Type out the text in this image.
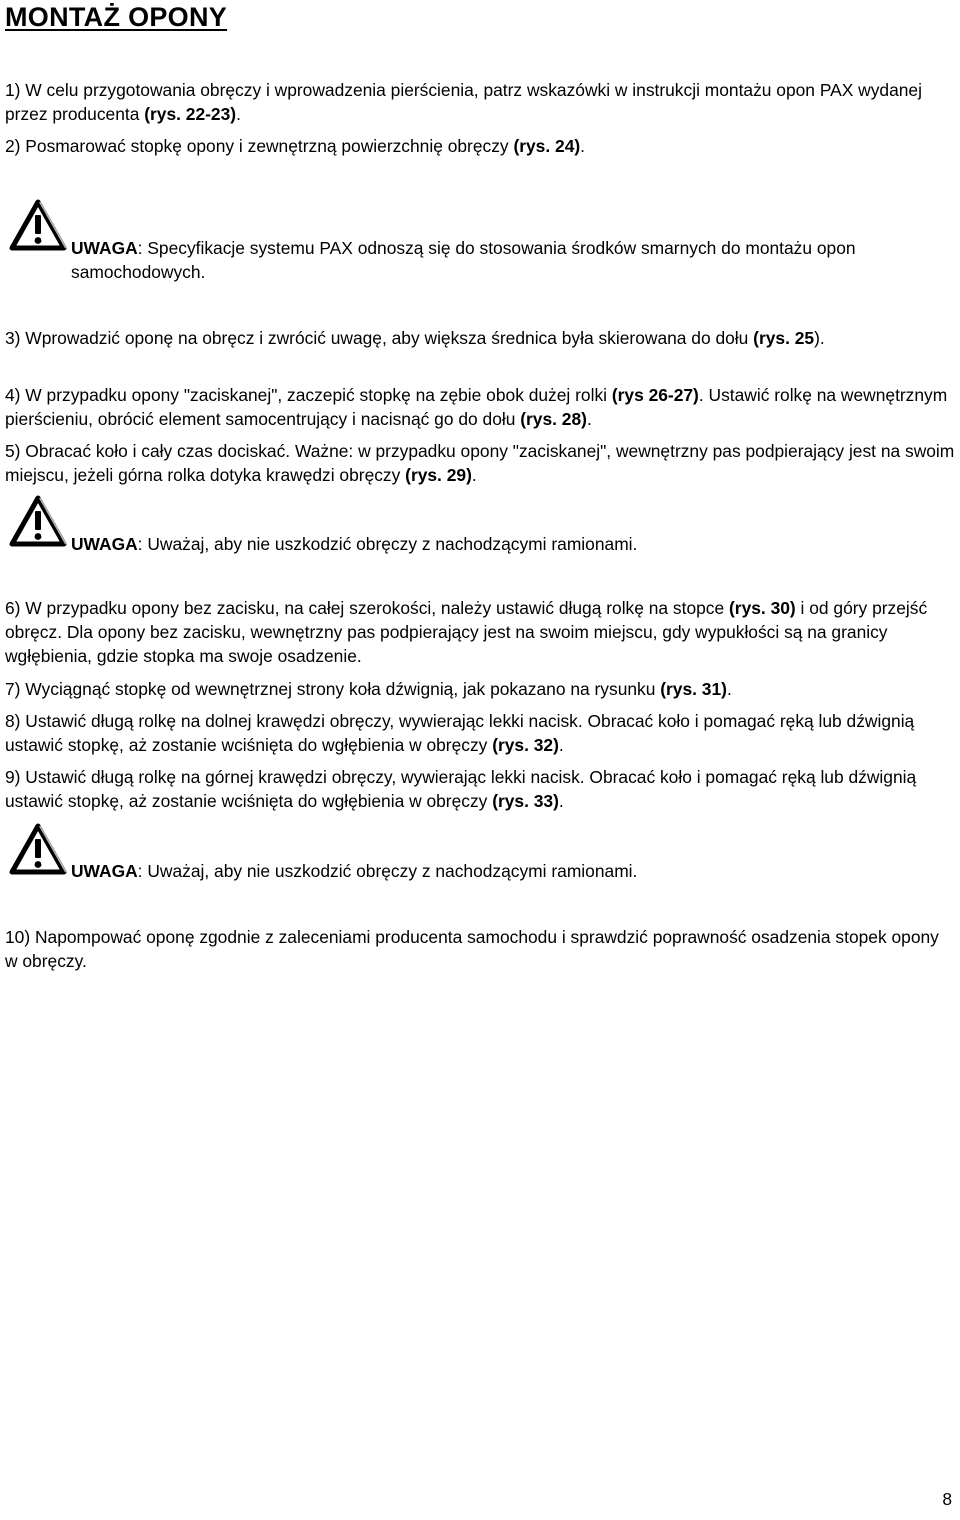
MONTAŻ OPONY

1) W celu przygotowania obręczy i wprowadzenia pierścienia, patrz wskazówki w instrukcji montażu opon PAX wydanej przez producenta (rys. 22-23).

2) Posmarować stopkę opony i zewnętrzną powierzchnię obręczy (rys. 24).

UWAGA: Specyfikacje systemu PAX odnoszą się do stosowania środków smarnych do montażu opon samochodowych.

3) Wprowadzić oponę na obręcz i zwrócić uwagę, aby większa średnica była skierowana do dołu (rys. 25).

4) W przypadku opony "zaciskanej", zaczepić stopkę na zębie obok dużej rolki (rys 26-27). Ustawić rolkę na wewnętrznym pierścieniu, obrócić element samocentrujący i nacisnąć go do dołu (rys. 28).

5) Obracać koło i cały czas dociskać. Ważne: w przypadku opony "zaciskanej", wewnętrzny pas podpierający jest na swoim miejscu, jeżeli górna rolka dotyka krawędzi obręczy (rys. 29).

UWAGA: Uważaj, aby nie uszkodzić obręczy z nachodzącymi ramionami.

6) W przypadku opony bez zacisku, na całej szerokości, należy ustawić długą rolkę na stopce (rys. 30) i od góry przejść obręcz. Dla opony bez zacisku, wewnętrzny pas podpierający jest na swoim miejscu, gdy wypukłości są na granicy wgłębienia, gdzie stopka ma swoje osadzenie.

7) Wyciągnąć stopkę od wewnętrznej strony koła dźwignią, jak pokazano na rysunku (rys. 31).

8) Ustawić długą rolkę na dolnej krawędzi obręczy, wywierając lekki nacisk. Obracać koło i pomagać ręką lub dźwignią ustawić stopkę, aż zostanie wciśnięta do wgłębienia w obręczy (rys. 32).

9) Ustawić długą rolkę na górnej krawędzi obręczy, wywierając lekki nacisk. Obracać koło i pomagać ręką lub dźwignią ustawić stopkę, aż zostanie wciśnięta do wgłębienia w obręczy (rys. 33).

UWAGA: Uważaj, aby nie uszkodzić obręczy z nachodzącymi ramionami.

10) Napompować oponę zgodnie z zaleceniami producenta samochodu i sprawdzić poprawność osadzenia stopek opony w obręczy.

8
